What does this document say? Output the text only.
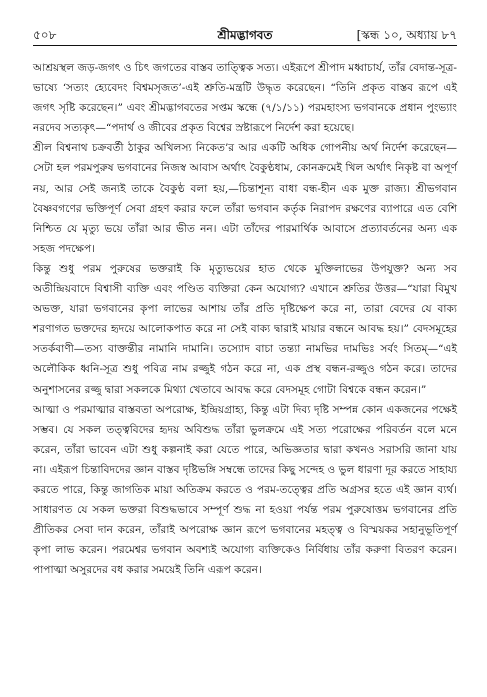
৫০৮	শ্রীমদ্ভাগবত	[স্কন্ধ ১০, অধ্যায় ৮৭

আশ্রয়স্থল জড়-জগৎ ও চিৎ জগতের বাস্তব তাত্ত্বিক সত্য। এইরূপে শ্রীপাদ মধ্বাচার্য, তাঁর বেদান্ত-সূত্র-ভাষ্যে ‘সত্যং হ্যেবেদং বিশ্বমসৃজত’-এই শ্রুতি-মন্ত্রটি উদ্ধৃত করেছেন। “তিনি প্রকৃত বাস্তব রূপে এই জগৎ সৃষ্টি করেছেন।” এবং শ্রীমদ্ভাগবতের সপ্তম স্কন্ধে (৭/১/১১) পরমহাংস্য ভগবানকে প্রধান পুংভ্যাং নরদেব সত্যকৃৎ—“পদার্থ ও জীবের প্রকৃত বিশ্বের স্রষ্টারূপে নির্দেশ করা হয়েছে।

শ্রীল বিশ্বনাথ চক্রবর্তী ঠাকুর অখিলস্য নিকেত’র আর একটি অধিক গোপনীয় অর্থ নির্দেশ করেছেন—সেটা হল পরমপুরুষ ভগবানের নিজস্ব আবাস অর্থাৎ বৈকুণ্ঠধাম, কোনক্রমেই খিল অর্থাৎ নিকৃষ্ট বা অপূর্ণ নয়, আর সেই জন্যই তাকে বৈকুণ্ঠ বলা হয়,—চিন্তাশূন্য বাধা বন্ধ-হীন এক মুক্ত রাজ্য। শ্রীভগবান বৈষ্ণবগণের ভক্তিপূর্ণ সেবা গ্রহণ করার ফলে তাঁরা ভগবান কর্তৃক নিরাপদ রক্ষণের ব্যাপারে এত বেশি নিশ্চিত যে মৃত্যু ভয়ে তাঁরা আর ভীত নন। এটা তাঁদের পারমার্থিক আবাসে প্রত্যাবর্তনের অন্য এক সহজ পদক্ষেপ।

কিন্তু শুধু পরম পুরুষের ভক্তরাই কি মৃত্যুভয়ের হাত থেকে মুক্তিলাভের উপযুক্ত? অন্য সব অতীন্দ্রিয়বাদে বিশ্বাসী ব্যক্তি এবং পণ্ডিত ব্যক্তিরা কেন অযোগ্য? এখানে শ্রুতির উত্তর—“যারা বিমুখ অভক্ত, যারা ভগবানের কৃপা লাভের আশায় তাঁর প্রতি দৃষ্টিক্ষেপ করে না, তারা বেদের যে বাক্য শরণাগত ভক্তদের হৃদয়ে আলোকপাত করে না সেই বাক্য দ্বারাই মায়ার বন্ধনে আবদ্ধ হয়।” বেদসমূহের সতর্কবাণী—তস্য বাক্তন্তীর নামানি দামানি। তস্যোদ বাচা তন্ত্যা নামভির দামভিঃ সর্বং সিতম্—“এই অলৌকিক ধ্বনি-সূত্র শুধু পবিত্র নাম রজ্জুই গঠন করে না, এক প্রস্থ বন্ধন-রজ্জুও গঠন করে। তাদের অনুশাসনের রজ্জু দ্বারা সকলকে মিথ্যা খেতাবে আবদ্ধ করে বেদসমূহ গোটা বিশ্বকে বন্ধন করেন।”

আত্মা ও পরমাত্মার বাস্তবতা অপরোক্ষ, ইন্দ্রিয়গ্রাহ্য, কিন্তু এটা দিব্য দৃষ্টি সম্পন্ন কোন একজনের পক্ষেই সম্ভব। যে সকল তত্ত্ববিদের হৃদয় অবিশুদ্ধ তাঁরা ভুলক্রমে এই সত্য পরোক্ষের পরিবর্তন বলে মনে করেন, তাঁরা ভাবেন এটা শুধু কল্পনাই করা যেতে পারে, অভিজ্ঞতার দ্বারা কখনও সরাসরি জানা যায় না। এইরূপ চিন্তাবিদদের জ্ঞান বাস্তব দৃষ্টিভঙ্গি সম্বন্ধে তাদের কিছু সন্দেহ ও ভুল ধারণা দূর করতে সাহায্য করতে পারে, কিন্তু জাগতিক মায়া অতিক্রম করতে ও পরম-তত্ত্বের প্রতি অগ্রসর হতে এই জ্ঞান ব্যর্থ। সাধারণত যে সকল ভক্তরা বিশুদ্ধভাবে সম্পূর্ণ শুদ্ধ না হওয়া পর্যন্ত পরম পুরুষোত্তম ভগবানের প্রতি প্রীতিকর সেবা দান করেন, তাঁরাই অপরোক্ষ জ্ঞান রূপে ভগবানের মহত্ত্ব ও বিস্ময়কর সহানুভূতিপূর্ণ কৃপা লাভ করেন। পরমেশ্বর ভগবান অবশ্যই অযোগ্য ব্যক্তিকেও নির্বিধায় তাঁর করুণা বিতরণ করেন। পাপাত্মা অসুরদের বধ করার সময়েই তিনি এরূপ করেন।
